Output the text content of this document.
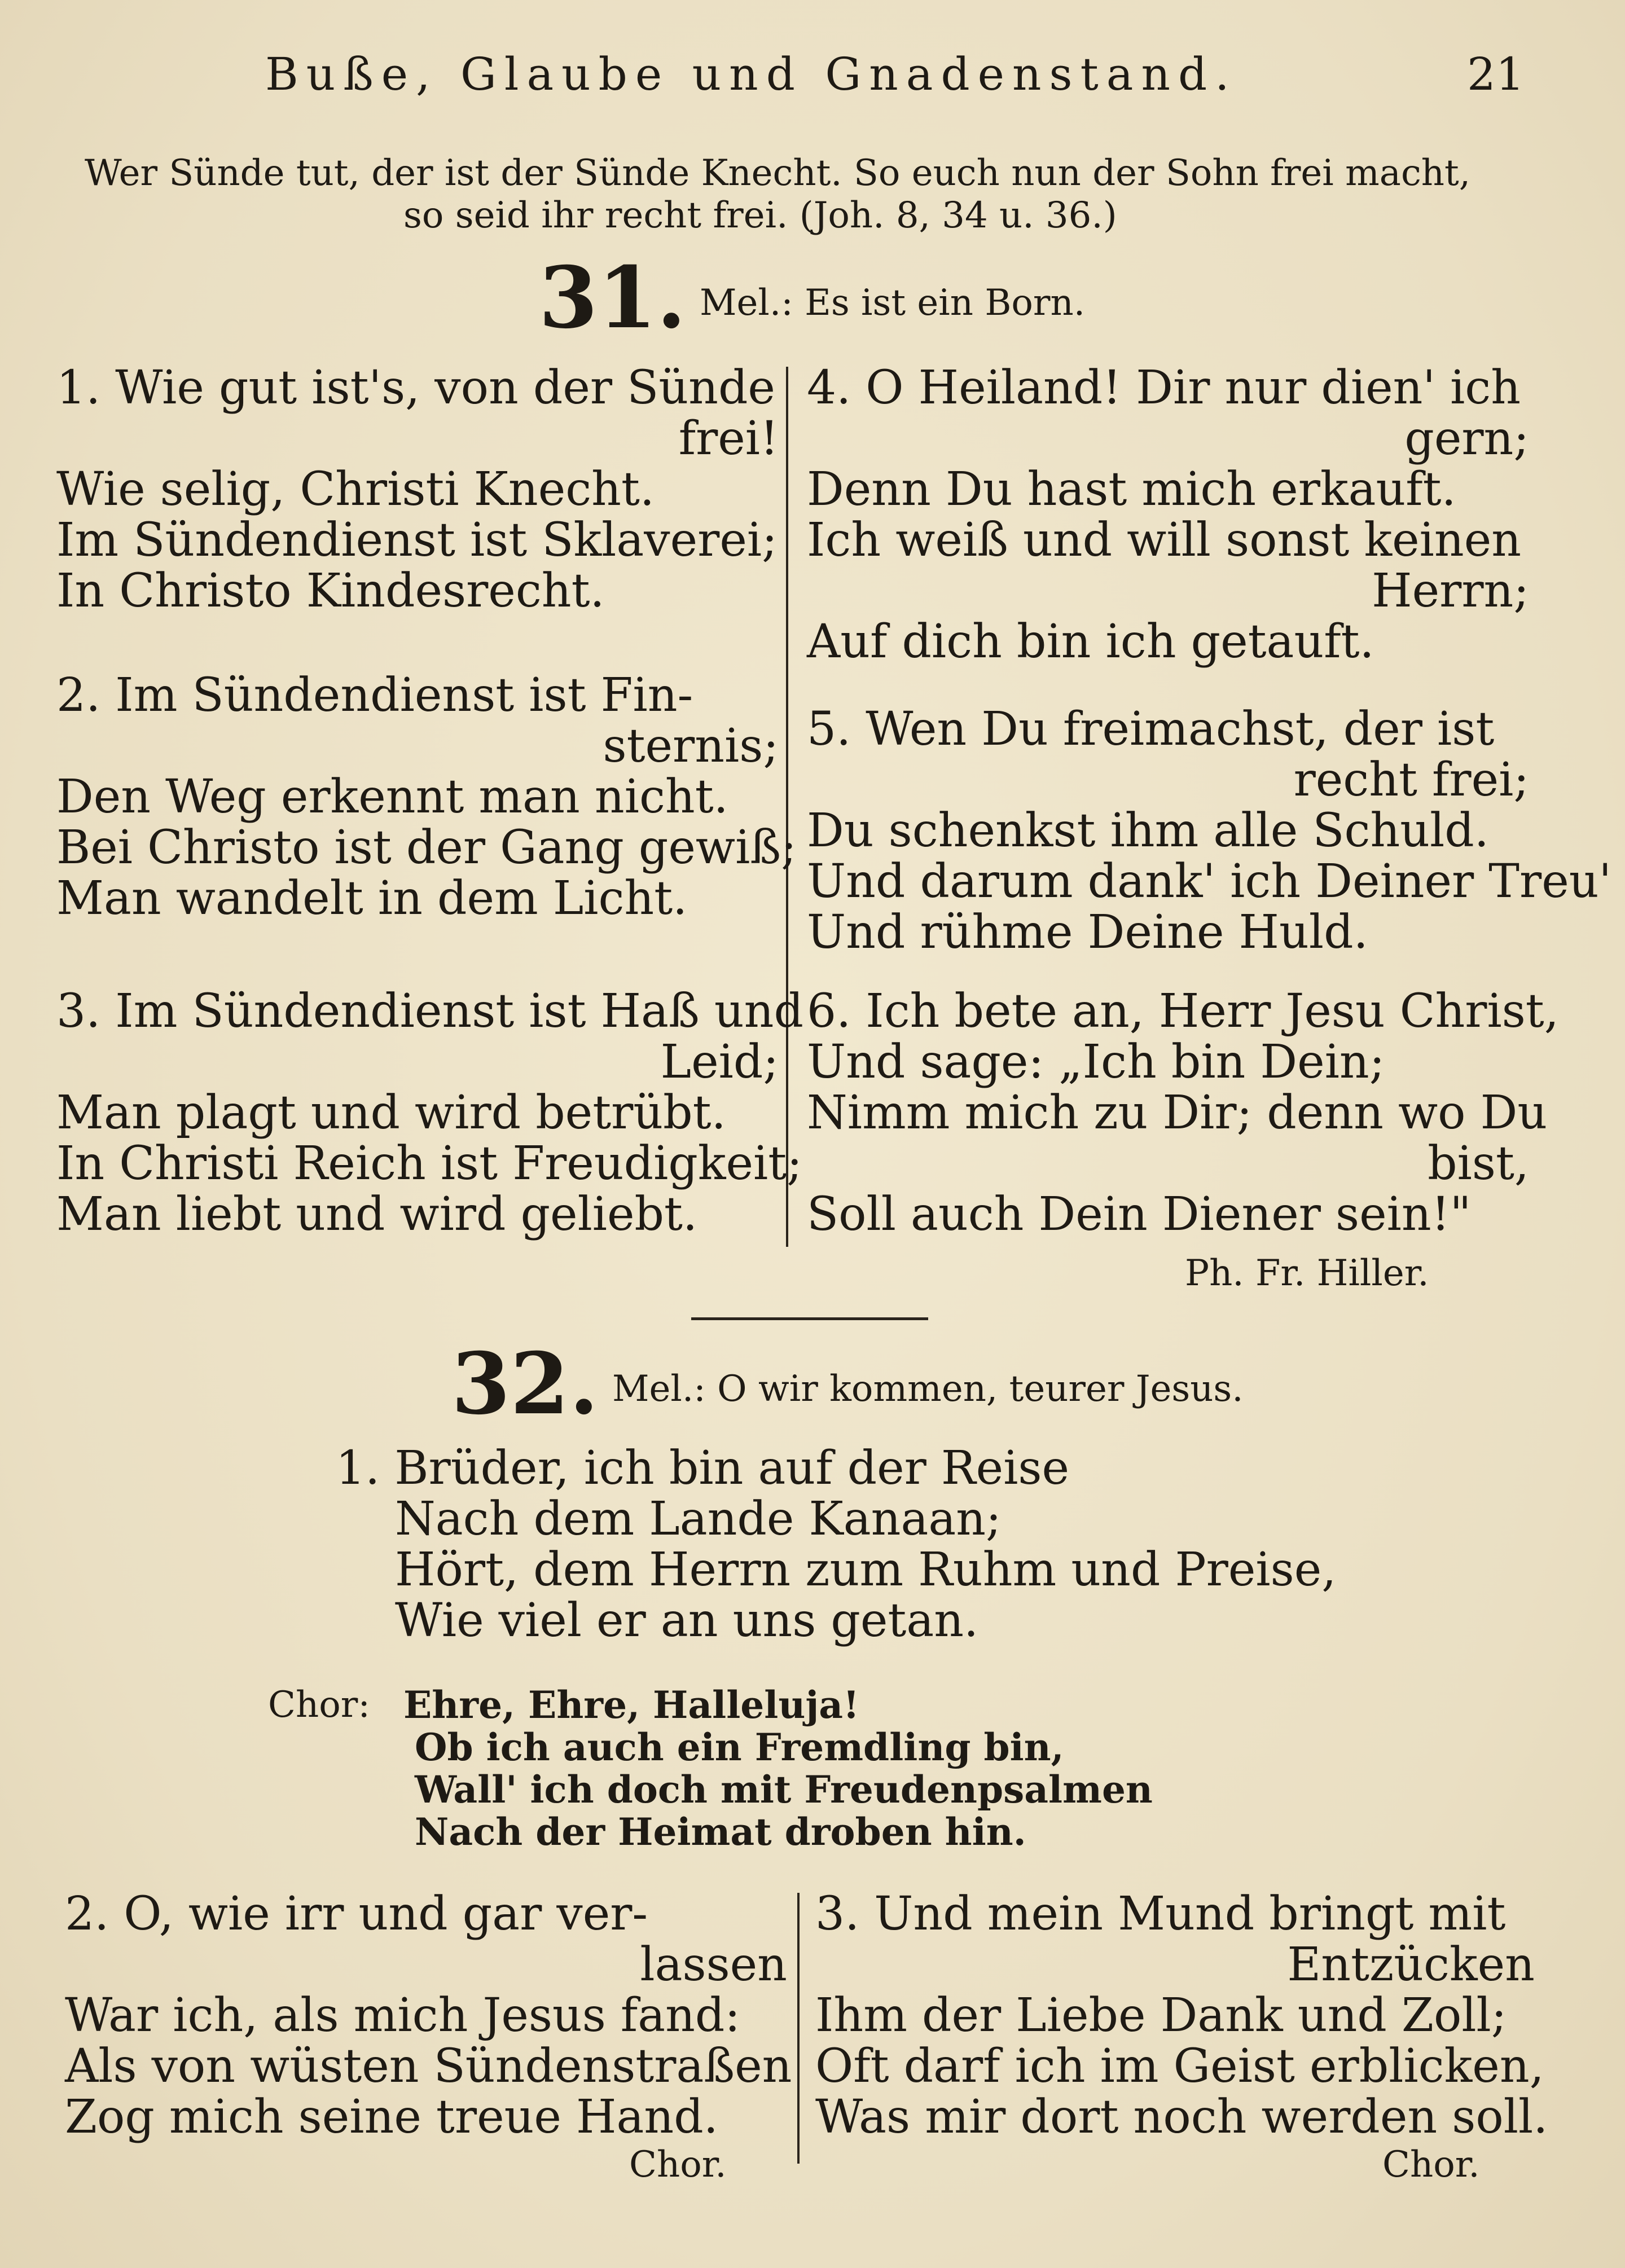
Buße, Glaube und Gnadenstand.	21
Wer Sünde tut, der ist der Sünde Knecht. So euch nun der Sohn frei macht,
so seid ihr recht frei. (Joh. 8, 34 u. 36.)
31. Mel.: Es ist ein Born.
1. Wie gut ist's, von der Sünde
frei!
Wie selig, Christi Knecht.
Im Sündendienst ist Sklaverei;
In Christo Kindesrecht.
2. Im Sündendienst ist Fin-
sternis;
Den Weg erkennt man nicht.
Bei Christo ist der Gang gewiß;
Man wandelt in dem Licht.
3. Im Sündendienst ist Haß und
Leid;
Man plagt und wird betrübt.
In Christi Reich ist Freudigkeit;
Man liebt und wird geliebt.
4. O Heiland! Dir nur dien' ich
gern;
Denn Du hast mich erkauft.
Ich weiß und will sonst keinen
Herrn;
Auf dich bin ich getauft.
5. Wen Du freimachst, der ist
recht frei;
Du schenkst ihm alle Schuld.
Und darum dank' ich Deiner Treu'
Und rühme Deine Huld.
6. Ich bete an, Herr Jesu Christ,
Und sage: „Ich bin Dein;
Nimm mich zu Dir; denn wo Du
bist,
Soll auch Dein Diener sein!"
Ph. Fr. Hiller.
32. Mel.: O wir kommen, teurer Jesus.
1. Brüder, ich bin auf der Reise
Nach dem Lande Kanaan;
Hört, dem Herrn zum Ruhm und Preise,
Wie viel er an uns getan.
Chor: Ehre, Ehre, Halleluja!
Ob ich auch ein Fremdling bin,
Wall' ich doch mit Freudenpsalmen
Nach der Heimat droben hin.
2. O, wie irr und gar ver-
lassen
War ich, als mich Jesus fand:
Als von wüsten Sündenstraßen
Zog mich seine treue Hand.
Chor.
3. Und mein Mund bringt mit
Entzücken
Ihm der Liebe Dank und Zoll;
Oft darf ich im Geist erblicken,
Was mir dort noch werden soll.
Chor.
